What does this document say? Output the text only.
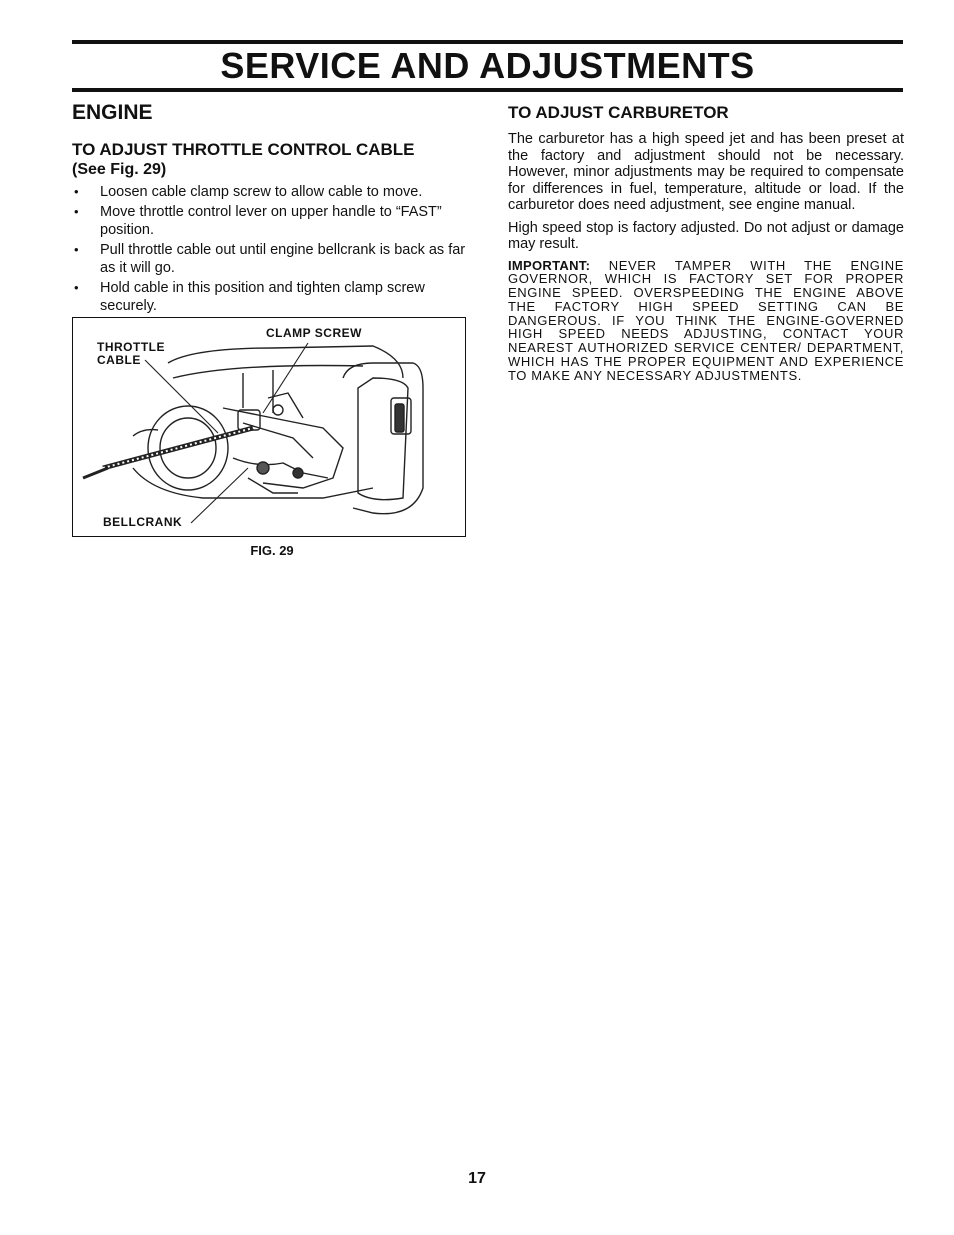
SERVICE AND ADJUSTMENTS
ENGINE
TO ADJUST THROTTLE CONTROL CABLE
(See Fig. 29)
• Loosen cable clamp screw to allow cable to move.
• Move throttle control lever on upper handle to “FAST” position.
• Pull throttle cable out until engine bellcrank is back as far as it will go.
• Hold cable in this position and tighten clamp screw securely.
CLAMP SCREW
THROTTLE
CABLE
BELLCRANK
FIG. 29
TO ADJUST CARBURETOR

The carburetor has a high speed jet and has been preset at the factory and adjustment should not be necessary. However, minor adjustments may be required to compensate for differences in fuel, temperature, altitude or load. If the carburetor does need adjustment, see engine manual.

High speed stop is factory adjusted. Do not adjust or damage may result.

IMPORTANT: NEVER TAMPER WITH THE ENGINE GOVERNOR, WHICH IS FACTORY SET FOR PROPER ENGINE SPEED. OVERSPEEDING THE ENGINE ABOVE THE FACTORY HIGH SPEED SETTING CAN BE DANGEROUS. IF YOU THINK THE ENGINE-GOVERNED HIGH SPEED NEEDS ADJUSTING, CONTACT YOUR NEAREST AUTHORIZED SERVICE CENTER/ DEPARTMENT, WHICH HAS THE PROPER EQUIPMENT AND EXPERIENCE TO MAKE ANY NECESSARY ADJUSTMENTS.
17
